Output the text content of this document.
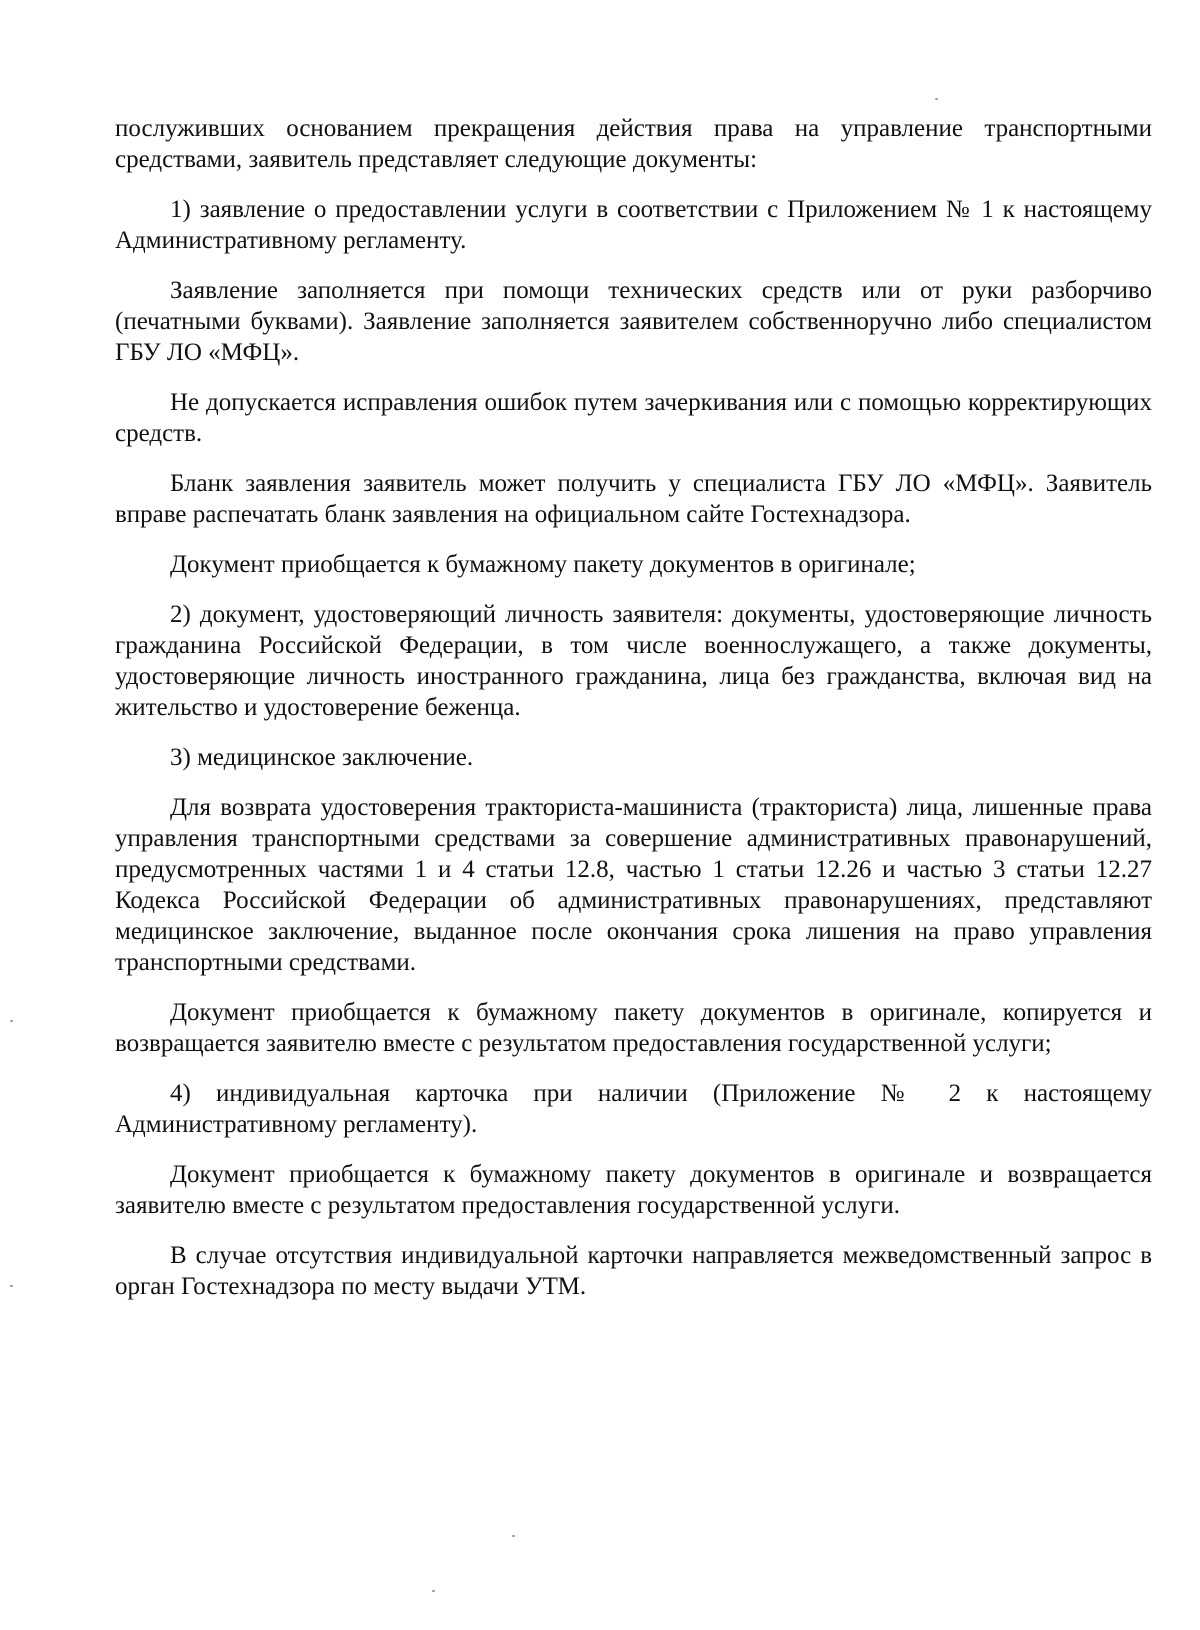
послуживших основанием прекращения действия права на управление транспортными средствами, заявитель представляет следующие документы:

1) заявление о предоставлении услуги в соответствии с Приложением № 1 к настоящему Административному регламенту.

Заявление заполняется при помощи технических средств или от руки разборчиво (печатными буквами). Заявление заполняется заявителем собственноручно либо специалистом ГБУ ЛО «МФЦ».

Не допускается исправления ошибок путем зачеркивания или с помощью корректирующих средств.

Бланк заявления заявитель может получить у специалиста ГБУ ЛО «МФЦ». Заявитель вправе распечатать бланк заявления на официальном сайте Гостехнадзора.

Документ приобщается к бумажному пакету документов в оригинале;

2) документ, удостоверяющий личность заявителя: документы, удостоверяющие личность гражданина Российской Федерации, в том числе военнослужащего, а также документы, удостоверяющие личность иностранного гражданина, лица без гражданства, включая вид на жительство и удостоверение беженца.

3) медицинское заключение.

Для возврата удостоверения тракториста-машиниста (тракториста) лица, лишенные права управления транспортными средствами за совершение административных правонарушений, предусмотренных частями 1 и 4 статьи 12.8, частью 1 статьи 12.26 и частью 3 статьи 12.27 Кодекса Российской Федерации об административных правонарушениях, представляют медицинское заключение, выданное после окончания срока лишения на право управления транспортными средствами.

Документ приобщается к бумажному пакету документов в оригинале, копируется и возвращается заявителю вместе с результатом предоставления государственной услуги;

4) индивидуальная карточка при наличии (Приложение № 2 к настоящему Административному регламенту).

Документ приобщается к бумажному пакету документов в оригинале и возвращается заявителю вместе с результатом предоставления государственной услуги.

В случае отсутствия индивидуальной карточки направляется межведомственный запрос в орган Гостехнадзора по месту выдачи УТМ.
